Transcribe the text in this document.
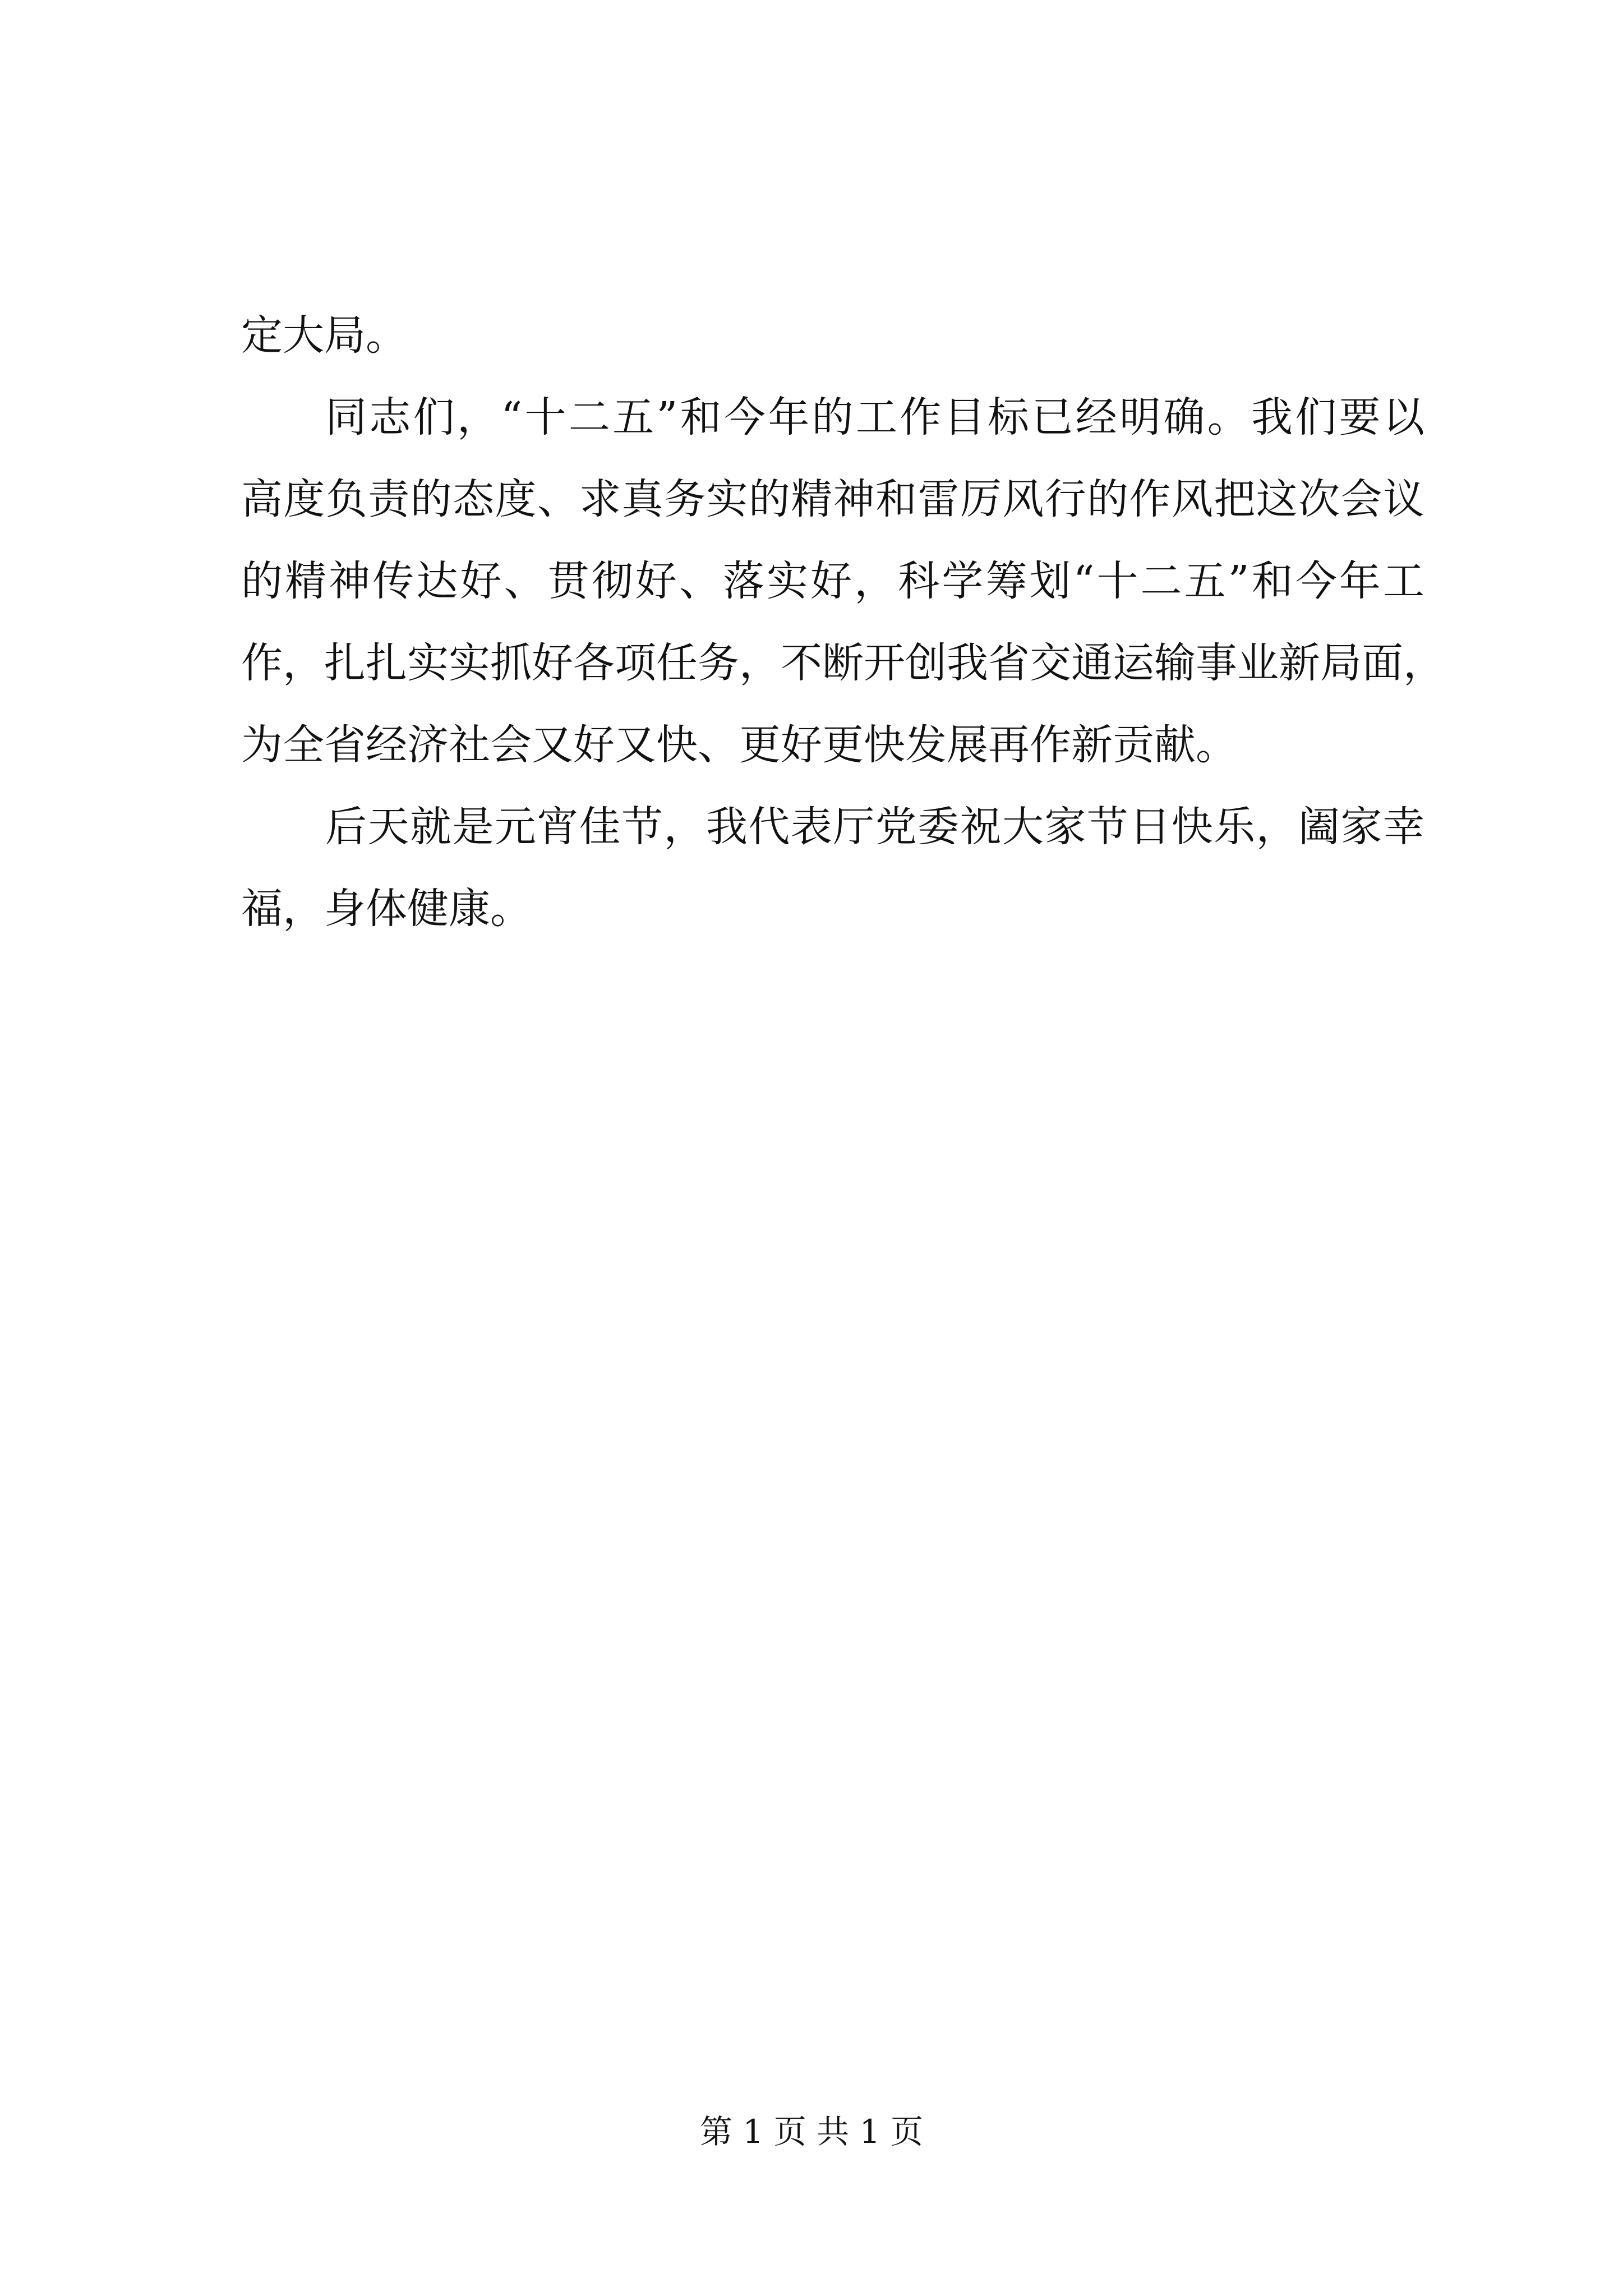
定大局。
同志们，“十二五”和今年的工作目标已经明确。我们要以
高度负责的态度、求真务实的精神和雷厉风行的作风把这次会议
的精神传达好、贯彻好、落实好，科学筹划“十二五”和今年工
作，扎扎实实抓好各项任务，不断开创我省交通运输事业新局面，
为全省经济社会又好又快、更好更快发展再作新贡献。
后天就是元宵佳节，我代表厅党委祝大家节日快乐，阖家幸
福，身体健康。
第 1 页 共 1 页
